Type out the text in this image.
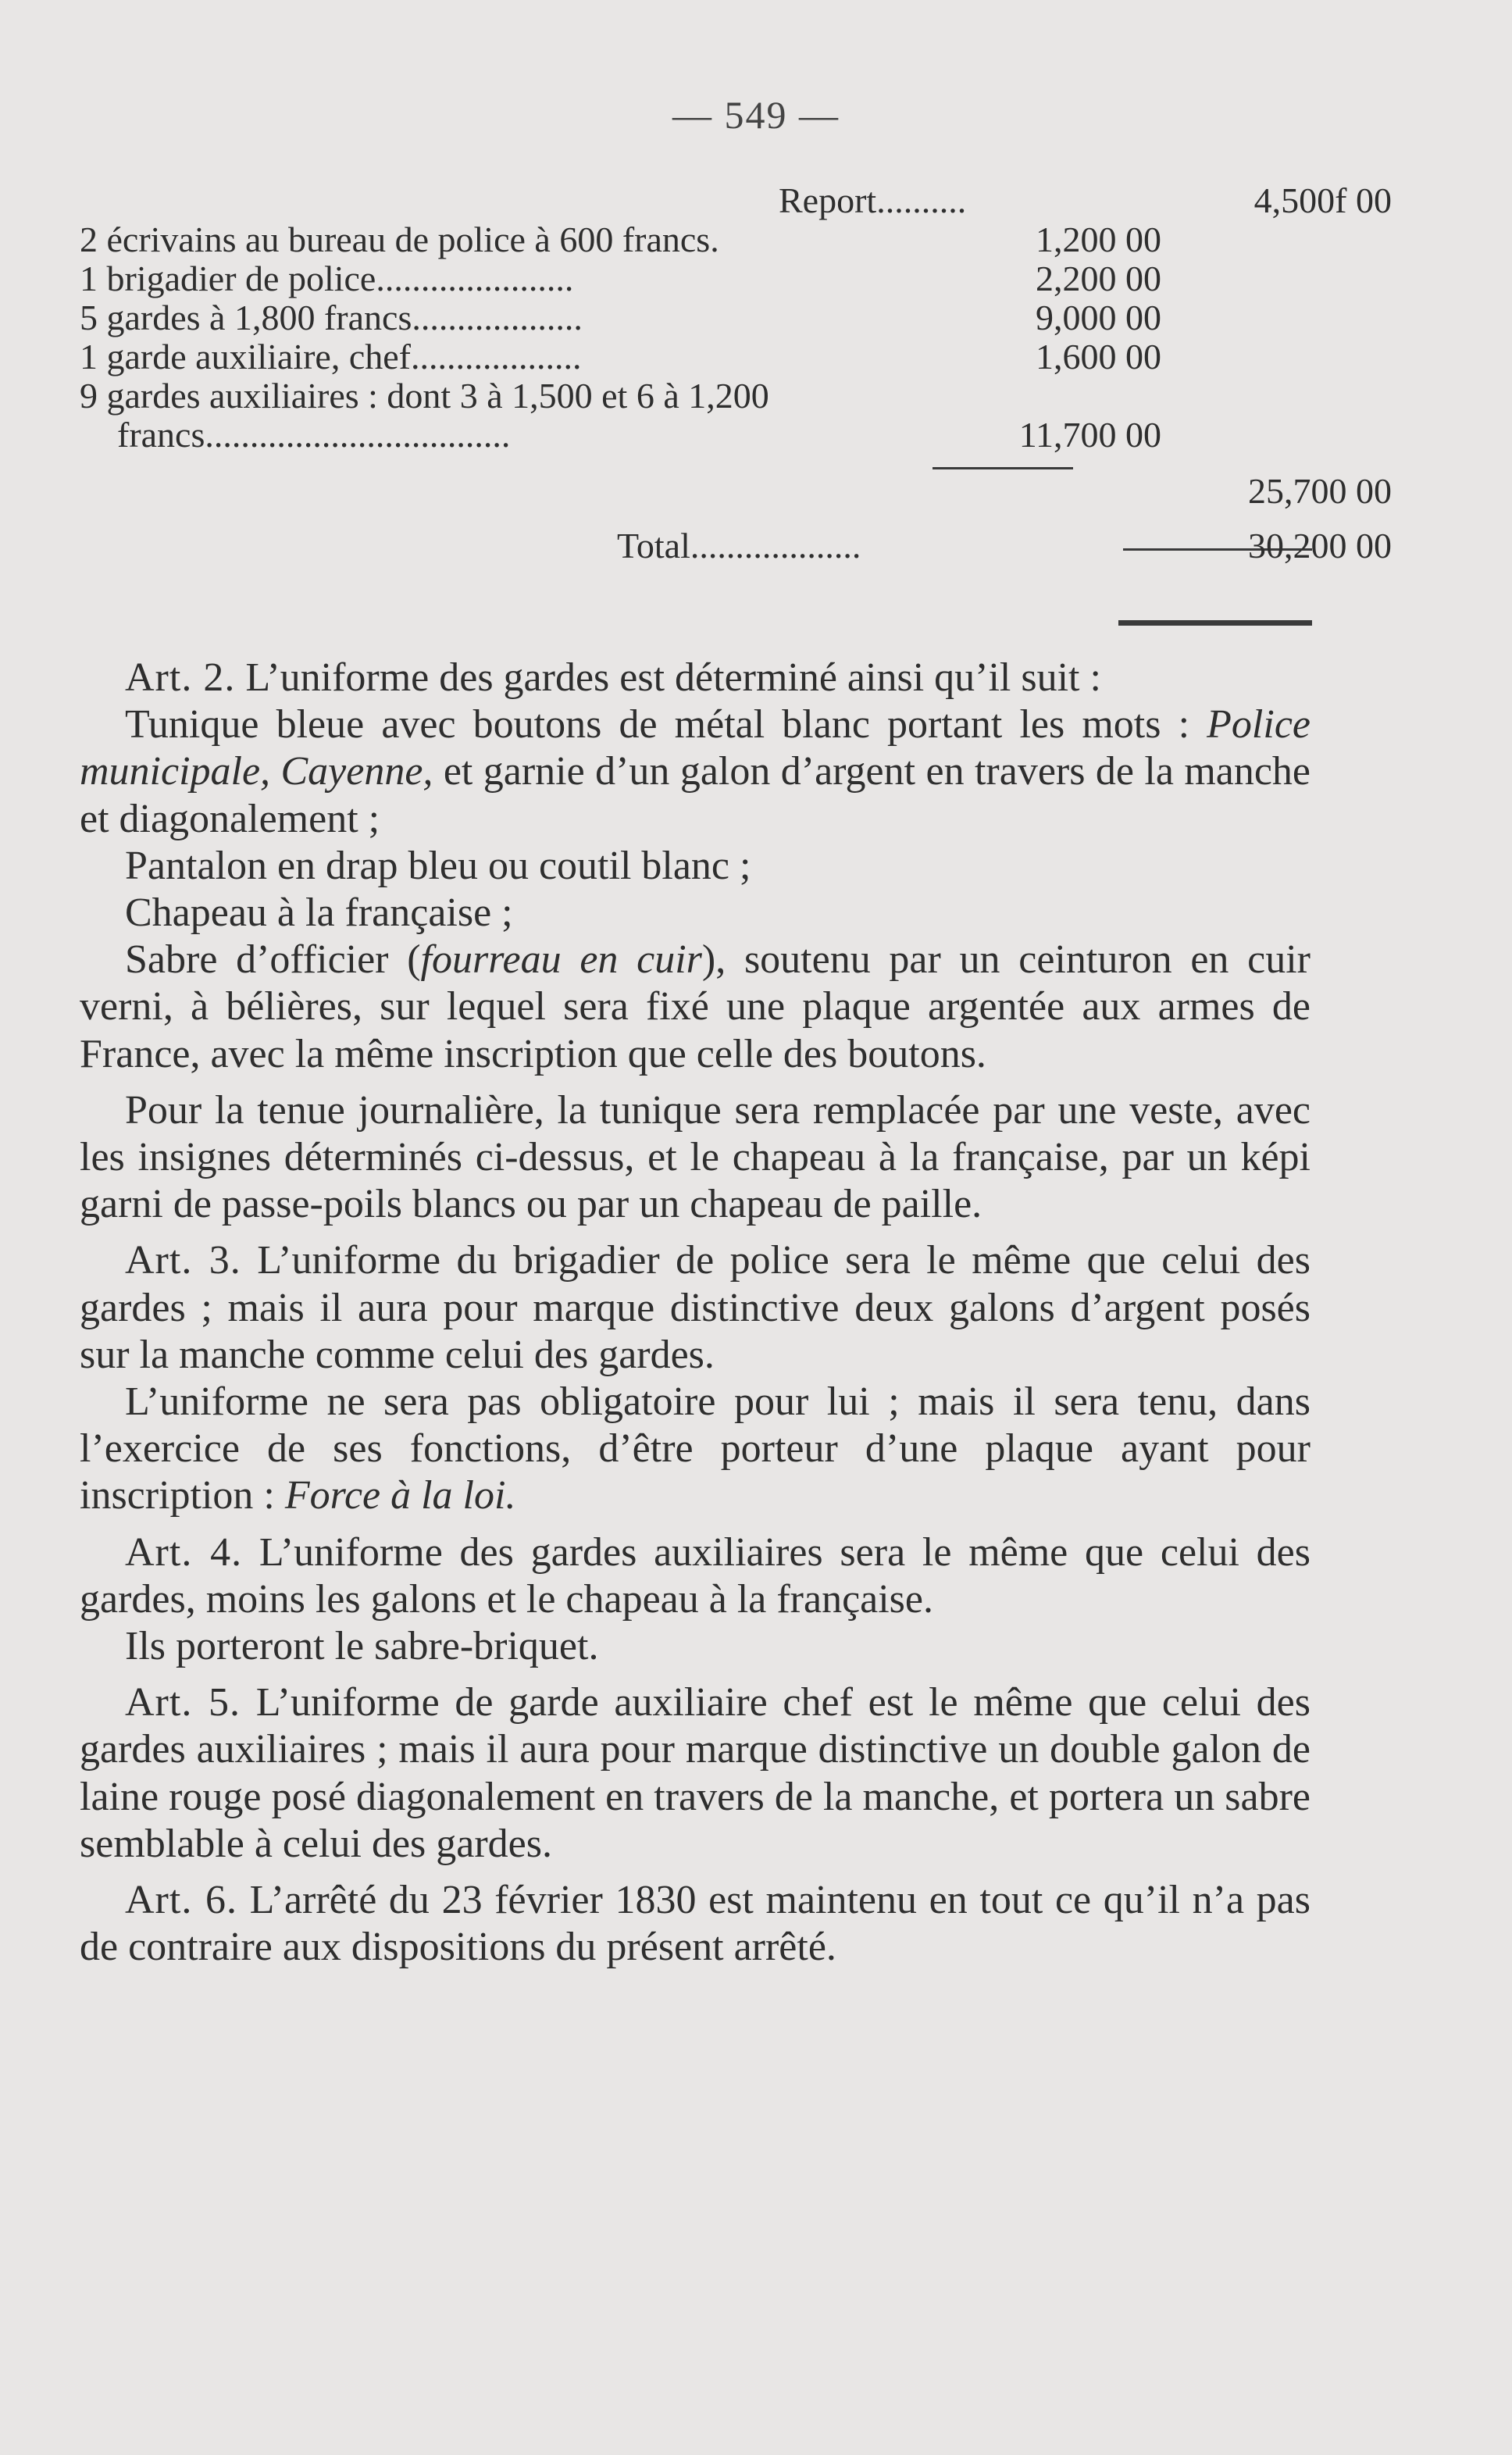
— 549 —
Report..........	4,500f 00
2 écrivains au bureau de police à 600 francs.	1,200 00
1 brigadier de police......................	2,200 00
5 gardes à 1,800 francs...................	9,000 00
1 garde auxiliaire, chef...................	1,600 00
9 gardes auxiliaires : dont 3 à 1,500 et 6 à 1,200
francs..................................	11,700 00
25,700 00
Total...................	30,200 00

Art. 2. L’uniforme des gardes est déterminé ainsi qu’il suit :

Tunique bleue avec boutons de métal blanc portant les mots : Police municipale, Cayenne, et garnie d’un galon d’argent en travers de la manche et diagonalement ;

Pantalon en drap bleu ou coutil blanc ;

Chapeau à la française ;

Sabre d’officier (fourreau en cuir), soutenu par un ceinturon en cuir verni, à bélières, sur lequel sera fixé une plaque argentée aux armes de France, avec la même inscription que celle des boutons.

Pour la tenue journalière, la tunique sera remplacée par une veste, avec les insignes déterminés ci-dessus, et le chapeau à la française, par un képi garni de passe-poils blancs ou par un chapeau de paille.

Art. 3. L’uniforme du brigadier de police sera le même que celui des gardes ; mais il aura pour marque distinctive deux galons d’argent posés sur la manche comme celui des gardes.

L’uniforme ne sera pas obligatoire pour lui ; mais il sera tenu, dans l’exercice de ses fonctions, d’être porteur d’une plaque ayant pour inscription : Force à la loi.

Art. 4. L’uniforme des gardes auxiliaires sera le même que celui des gardes, moins les galons et le chapeau à la française.

Ils porteront le sabre-briquet.

Art. 5. L’uniforme de garde auxiliaire chef est le même que celui des gardes auxiliaires ; mais il aura pour marque distinctive un double galon de laine rouge posé diagonalement en travers de la manche, et portera un sabre semblable à celui des gardes.

Art. 6. L’arrêté du 23 février 1830 est maintenu en tout ce qu’il n’a pas de contraire aux dispositions du présent arrêté.
